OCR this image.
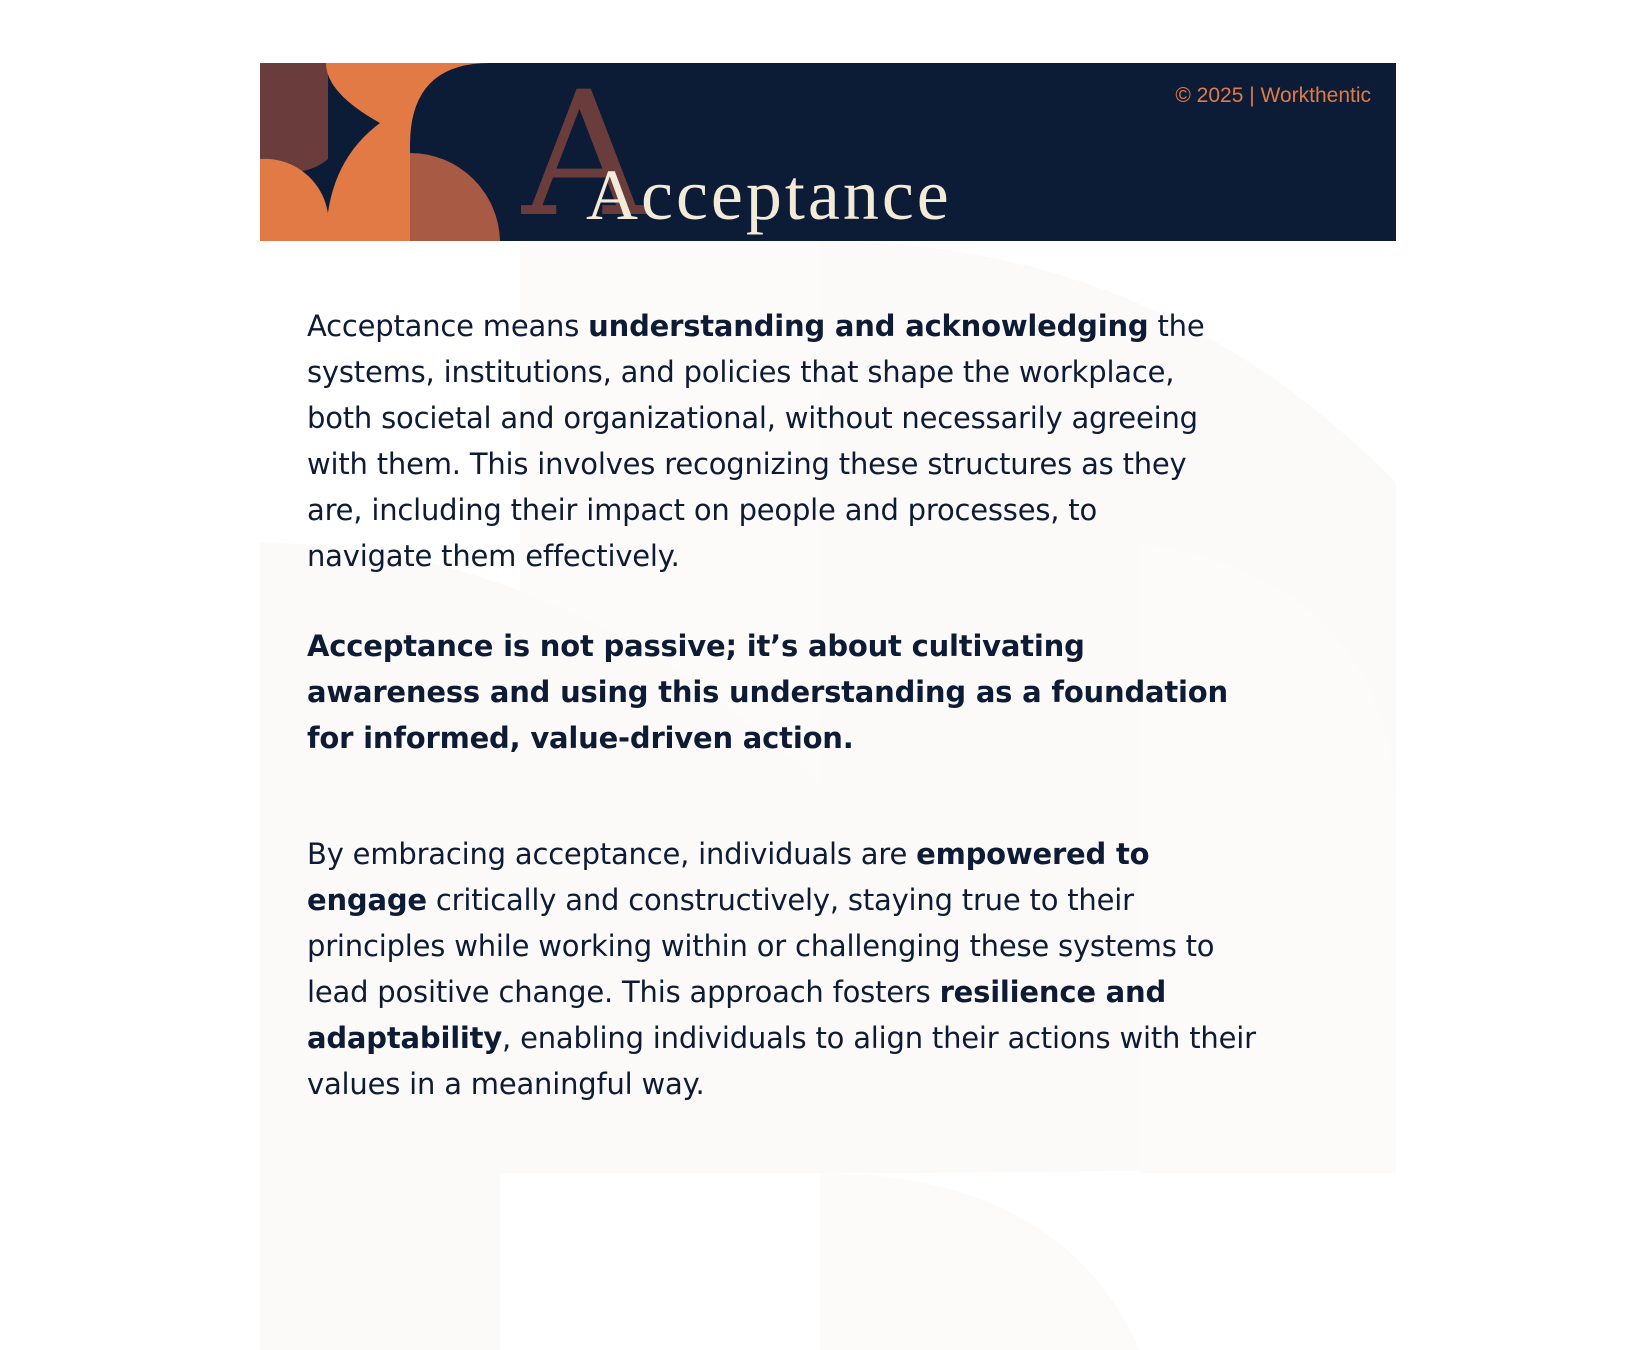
A
Acceptance
© 2025 | Workthentic
Acceptance means understanding and acknowledging the
systems, institutions, and policies that shape the workplace,
both societal and organizational, without necessarily agreeing
with them. This involves recognizing these structures as they
are, including their impact on people and processes, to
navigate them effectively.
Acceptance is not passive; it’s about cultivating
awareness and using this understanding as a foundation
for informed, value-driven action.
By embracing acceptance, individuals are empowered to
engage critically and constructively, staying true to their
principles while working within or challenging these systems to
lead positive change. This approach fosters resilience and
adaptability, enabling individuals to align their actions with their
values in a meaningful way.
